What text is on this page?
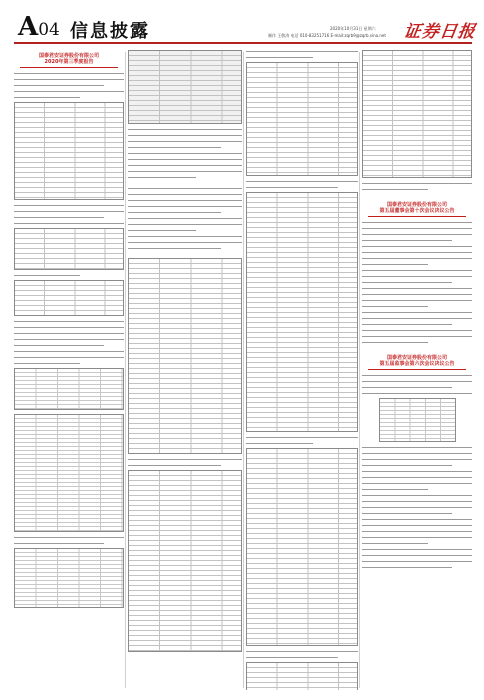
A04 信息披露	2020年10月31日 星期六
制作 王敬涛 电话 010-83251716 E-mail:zqrb9@zqrb.sina.net 证券日报
国泰君安证券股份有限公司
2020年第三季度报告
国泰君安证券股份有限公司
第五届董事会第十次会议决议公告
国泰君安证券股份有限公司
第五届监事会第六次会议决议公告
